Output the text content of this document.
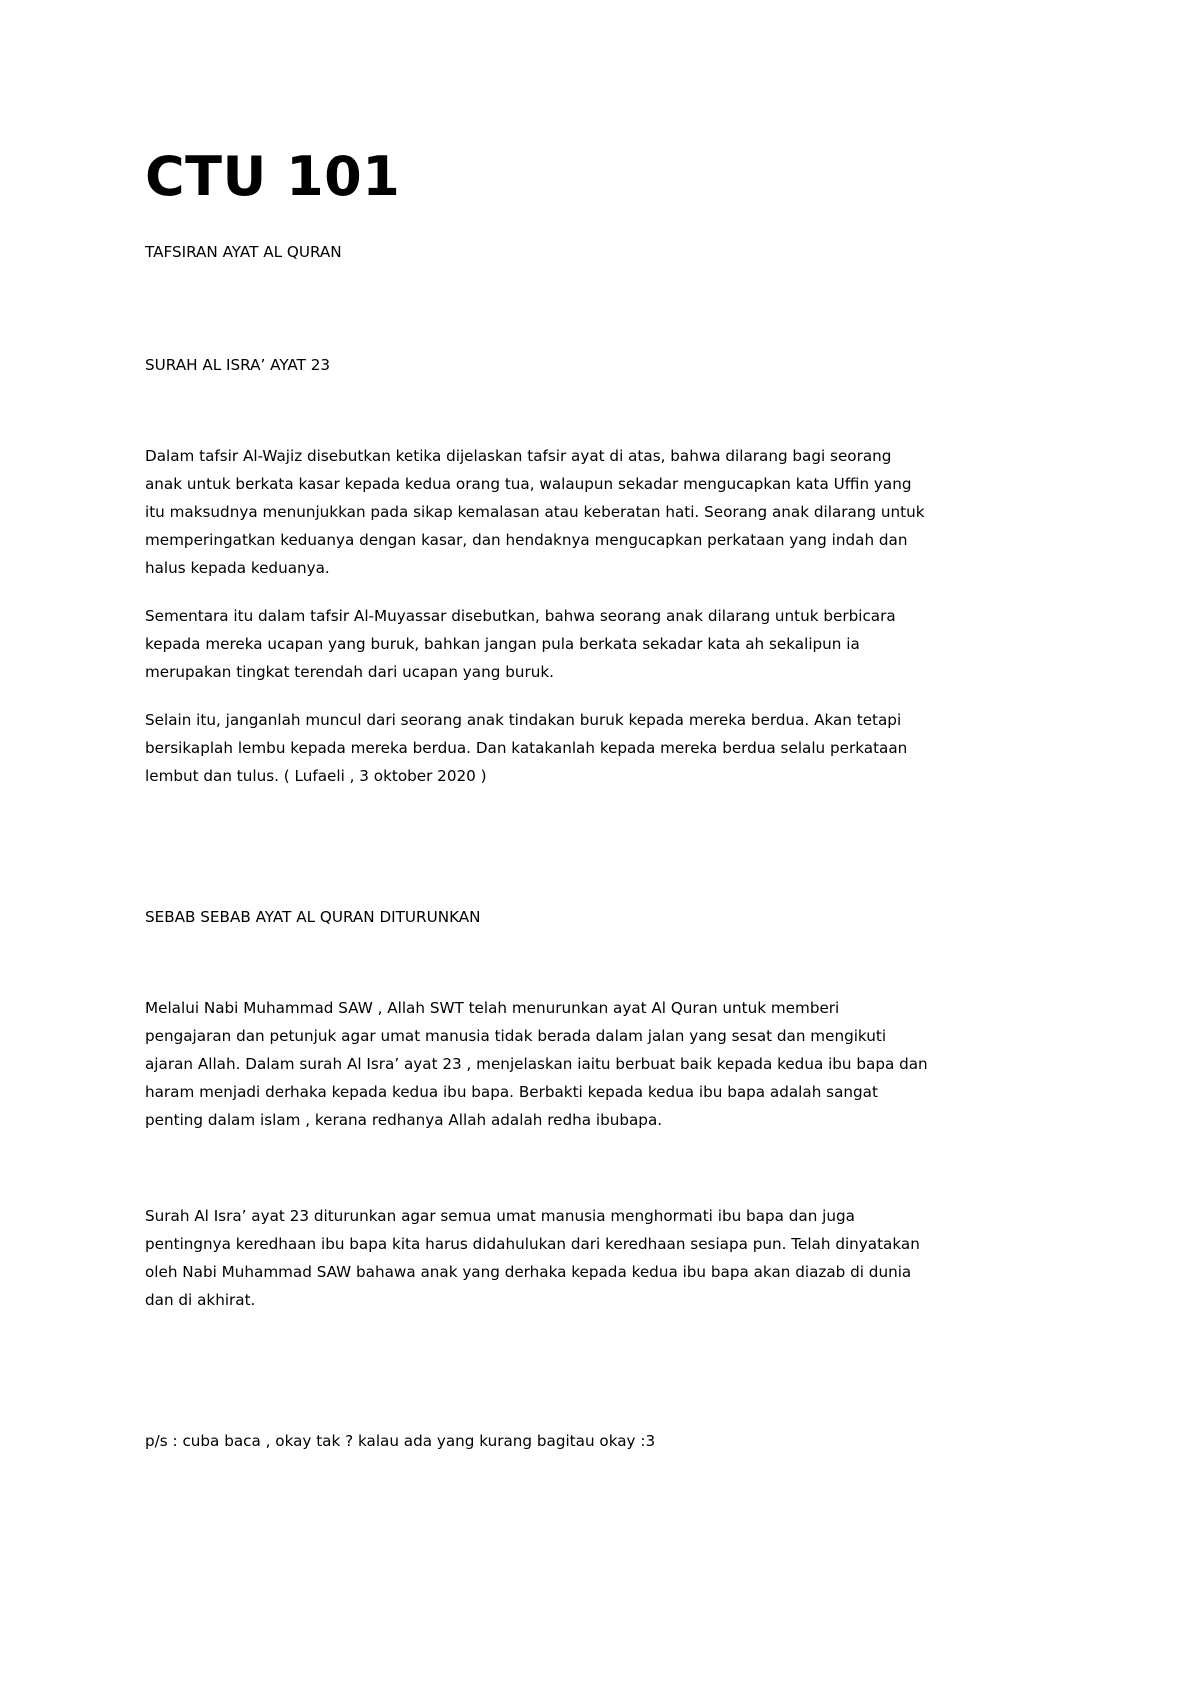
CTU 101

TAFSIRAN AYAT AL QURAN

SURAH AL ISRA’ AYAT 23

Dalam tafsir Al-Wajiz disebutkan ketika dijelaskan tafsir ayat di atas, bahwa dilarang bagi seorang

anak untuk berkata kasar kepada kedua orang tua, walaupun sekadar mengucapkan kata Uffin yang

itu maksudnya menunjukkan pada sikap kemalasan atau keberatan hati. Seorang anak dilarang untuk

memperingatkan keduanya dengan kasar, dan hendaknya mengucapkan perkataan yang indah dan

halus kepada keduanya.

Sementara itu dalam tafsir Al-Muyassar disebutkan, bahwa seorang anak dilarang untuk berbicara

kepada mereka ucapan yang buruk, bahkan jangan pula berkata sekadar kata ah sekalipun ia

merupakan tingkat terendah dari ucapan yang buruk.

Selain itu, janganlah muncul dari seorang anak tindakan buruk kepada mereka berdua. Akan tetapi

bersikaplah lembu kepada mereka berdua. Dan katakanlah kepada mereka berdua selalu perkataan

lembut dan tulus. ( Lufaeli , 3 oktober 2020 )

SEBAB SEBAB AYAT AL QURAN DITURUNKAN

Melalui Nabi Muhammad SAW , Allah SWT telah menurunkan ayat Al Quran untuk memberi

pengajaran dan petunjuk agar umat manusia tidak berada dalam jalan yang sesat dan mengikuti

ajaran Allah. Dalam surah Al Isra’ ayat 23 , menjelaskan iaitu berbuat baik kepada kedua ibu bapa dan

haram menjadi derhaka kepada kedua ibu bapa. Berbakti kepada kedua ibu bapa adalah sangat

penting dalam islam , kerana redhanya Allah adalah redha ibubapa.

Surah Al Isra’ ayat 23 diturunkan agar semua umat manusia menghormati ibu bapa dan juga

pentingnya keredhaan ibu bapa kita harus didahulukan dari keredhaan sesiapa pun. Telah dinyatakan

oleh Nabi Muhammad SAW bahawa anak yang derhaka kepada kedua ibu bapa akan diazab di dunia

dan di akhirat.

p/s : cuba baca , okay tak ? kalau ada yang kurang bagitau okay :3
